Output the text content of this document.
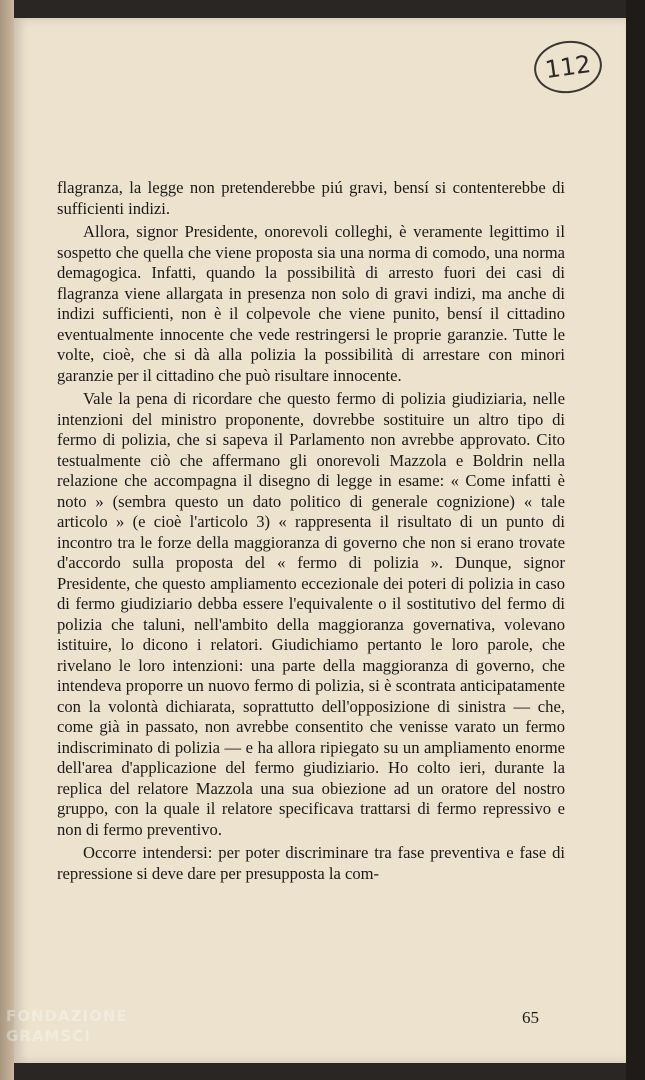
112

flagranza, la legge non pretenderebbe piú gravi, bensí si contenterebbe di sufficienti indizi.

Allora, signor Presidente, onorevoli colleghi, è veramente legittimo il sospetto che quella che viene proposta sia una norma di comodo, una norma demagogica. Infatti, quando la possibilità di arresto fuori dei casi di flagranza viene allargata in presenza non solo di gravi indizi, ma anche di indizi sufficienti, non è il colpevole che viene punito, bensí il cittadino eventualmente innocente che vede restringersi le proprie garanzie. Tutte le volte, cioè, che si dà alla polizia la possibilità di arrestare con minori garanzie per il cittadino che può risultare innocente.

Vale la pena di ricordare che questo fermo di polizia giudiziaria, nelle intenzioni del ministro proponente, dovrebbe sostituire un altro tipo di fermo di polizia, che si sapeva il Parlamento non avrebbe approvato. Cito testualmente ciò che affermano gli onorevoli Mazzola e Boldrin nella relazione che accompagna il disegno di legge in esame: « Come infatti è noto » (sembra questo un dato politico di generale cognizione) « tale articolo » (e cioè l'articolo 3) « rappresenta il risultato di un punto di incontro tra le forze della maggioranza di governo che non si erano trovate d'accordo sulla proposta del « fermo di polizia ». Dunque, signor Presidente, che questo ampliamento eccezionale dei poteri di polizia in caso di fermo giudiziario debba essere l'equivalente o il sostitutivo del fermo di polizia che taluni, nell'ambito della maggioranza governativa, volevano istituire, lo dicono i relatori. Giudichiamo pertanto le loro parole, che rivelano le loro intenzioni: una parte della maggioranza di governo, che intendeva proporre un nuovo fermo di polizia, si è scontrata anticipatamente con la volontà dichiarata, soprattutto dell'opposizione di sinistra — che, come già in passato, non avrebbe consentito che venisse varato un fermo indiscriminato di polizia — e ha allora ripiegato su un ampliamento enorme dell'area d'applicazione del fermo giudiziario. Ho colto ieri, durante la replica del relatore Mazzola una sua obiezione ad un oratore del nostro gruppo, con la quale il relatore specificava trattarsi di fermo repressivo e non di fermo preventivo.

Occorre intendersi: per poter discriminare tra fase preventiva e fase di repressione si deve dare per presupposta la com-

65
FONDAZIONE GRAMSCI
